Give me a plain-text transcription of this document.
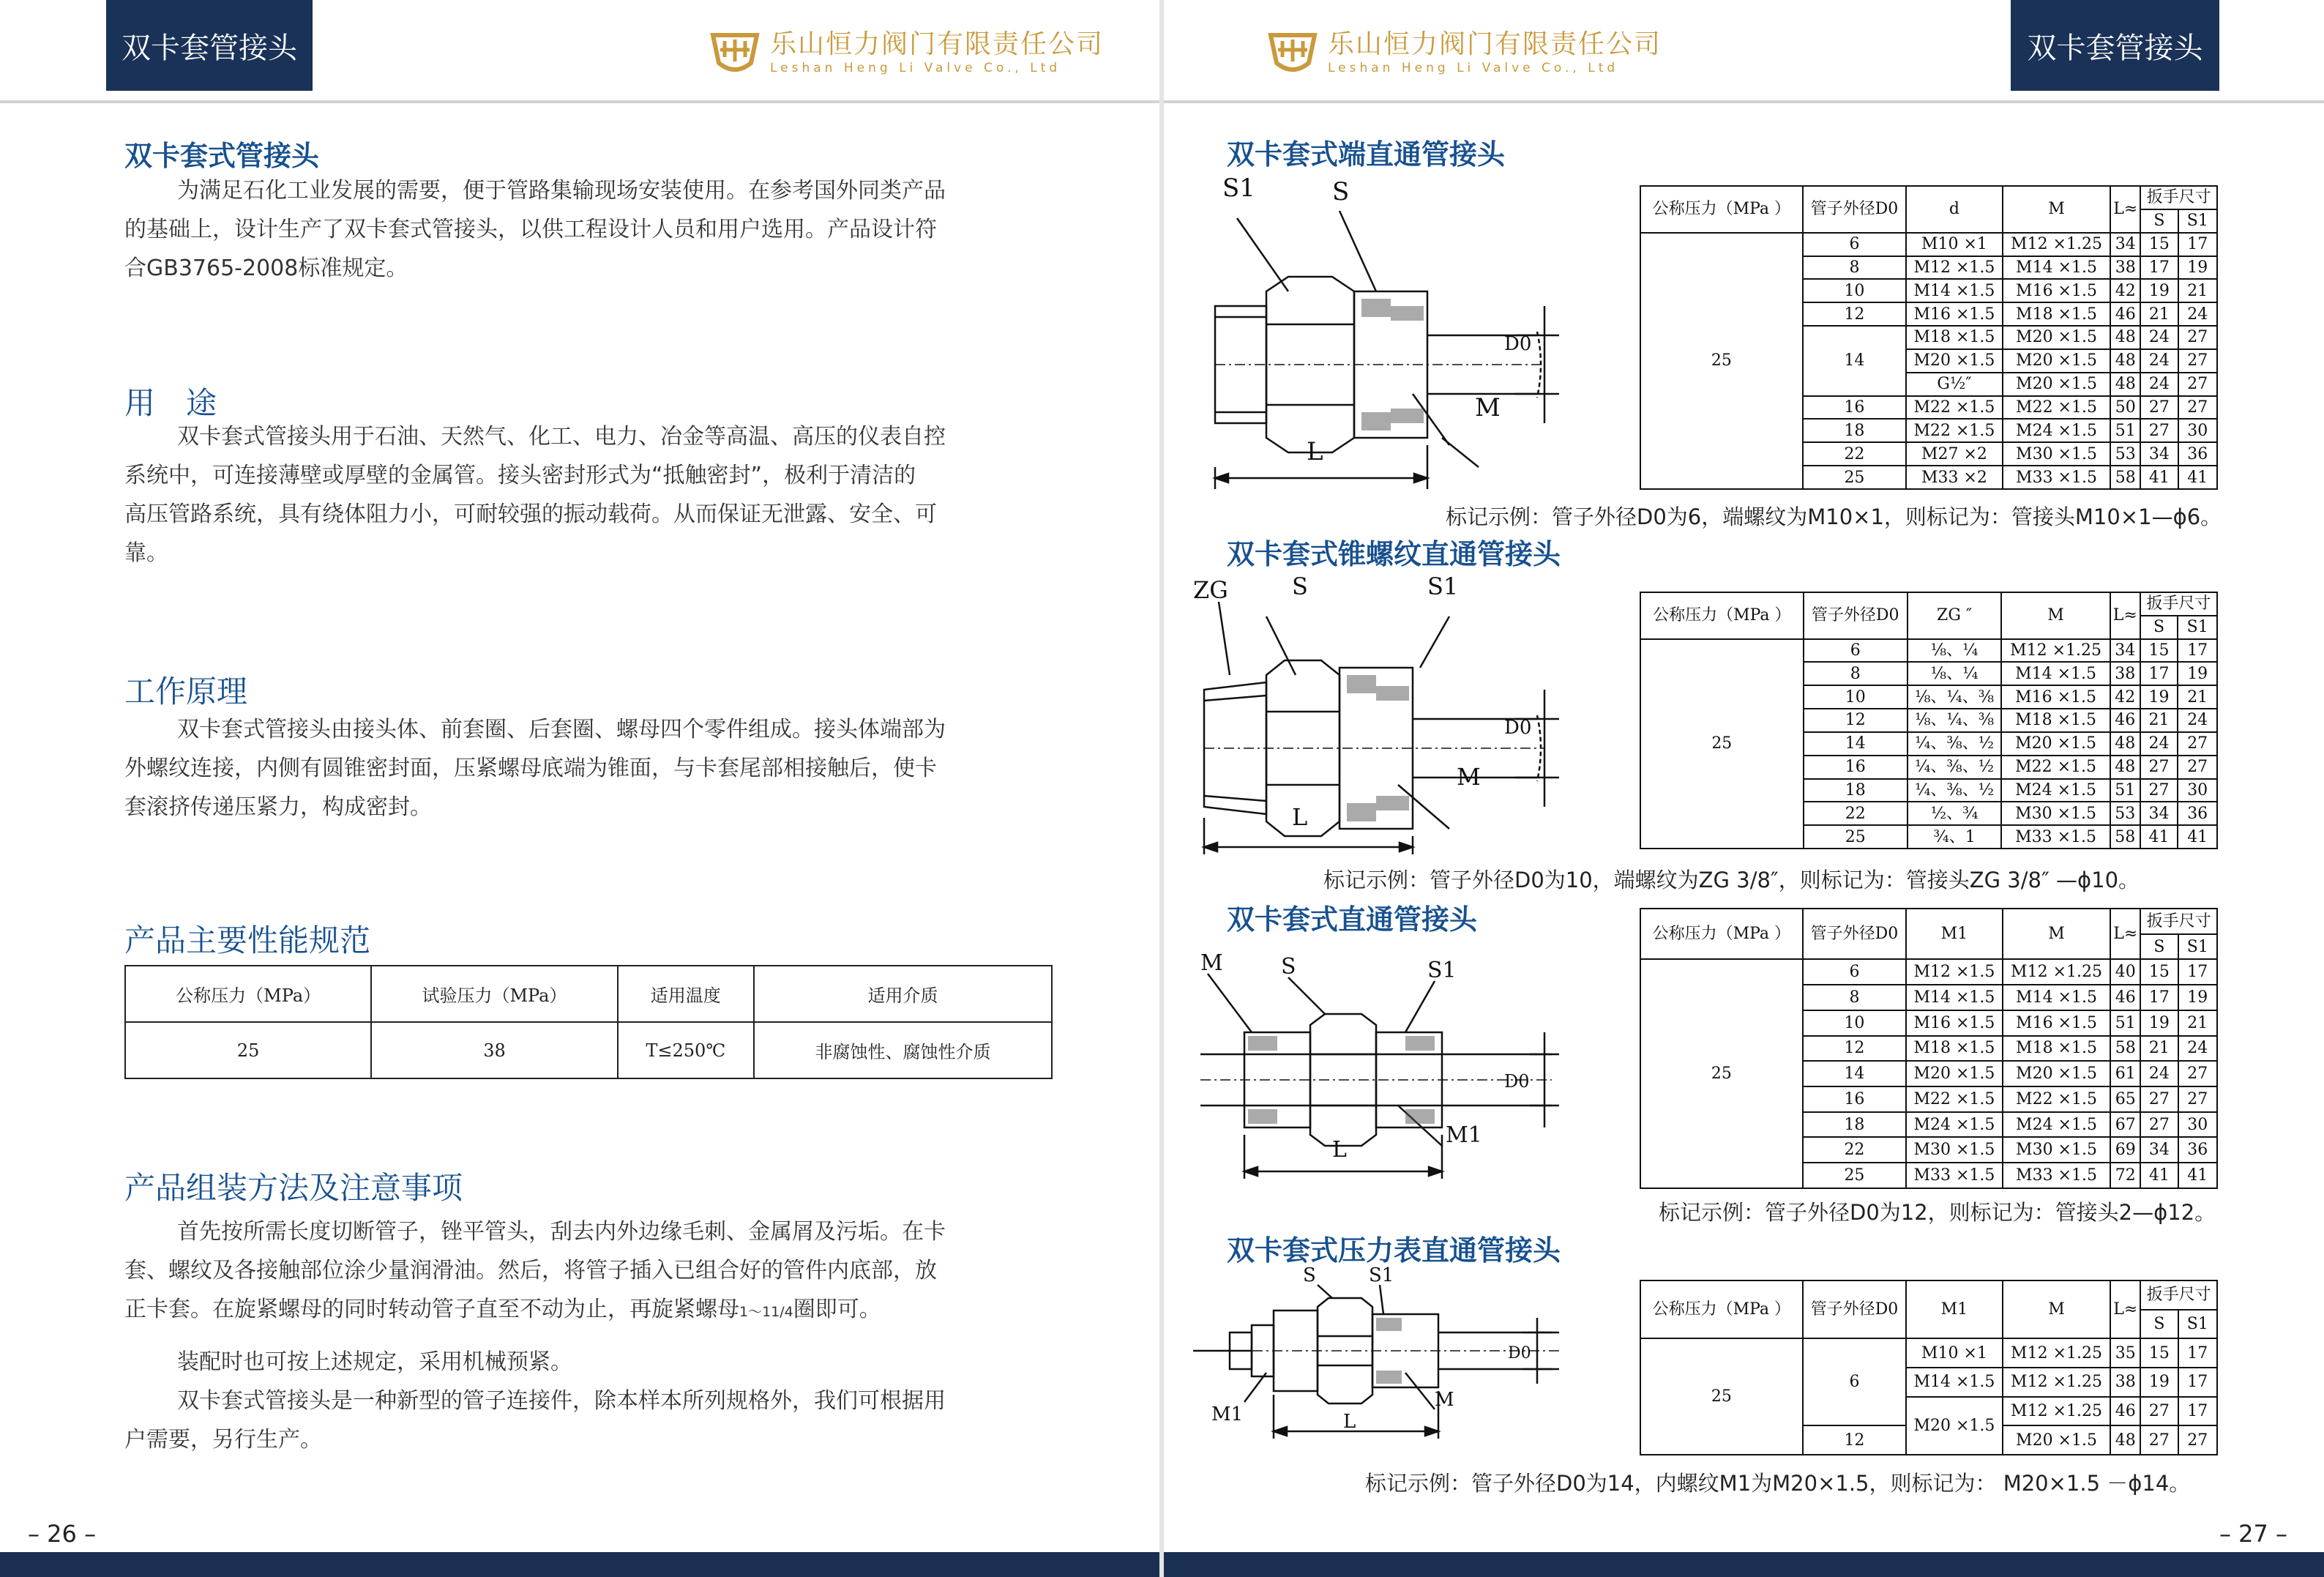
双卡套管接头	乐山恒力阀门有限责任公司
Leshan Heng Li Valve Co., Ltd
双卡套式管接头
为满足石化工业发展的需要，便于管路集输现场安装使用。在参考国外同类产品
的基础上，设计生产了双卡套式管接头，以供工程设计人员和用户选用。产品设计符
合GB3765-2008标准规定。
用　途
双卡套式管接头用于石油、天然气、化工、电力、冶金等高温、高压的仪表自控
系统中，可连接薄壁或厚壁的金属管。接头密封形式为“抵触密封”，极利于清洁的
高压管路系统，具有绕体阻力小，可耐较强的振动载荷。从而保证无泄露、安全、可
靠。
工作原理
双卡套式管接头由接头体、前套圈、后套圈、螺母四个零件组成。接头体端部为
外螺纹连接，内侧有圆锥密封面，压紧螺母底端为锥面，与卡套尾部相接触后，使卡
套滚挤传递压紧力，构成密封。
产品主要性能规范
公称压力（MPa）	试验压力（MPa）	适用温度	适用介质
25	38	T≤250℃	非腐蚀性、腐蚀性介质
产品组装方法及注意事项
首先按所需长度切断管子，锉平管头，刮去内外边缘毛刺、金属屑及污垢。在卡
套、螺纹及各接触部位涂少量润滑油。然后，将管子插入已组合好的管件内底部，放
正卡套。在旋紧螺母的同时转动管子直至不动为止，再旋紧螺母1～11/4圈即可。
装配时也可按上述规定，采用机械预紧。
双卡套式管接头是一种新型的管子连接件，除本样本所列规格外，我们可根据用
户需要，另行生产。
– 26 –
乐山恒力阀门有限责任公司
Leshan Heng Li Valve Co., Ltd
双卡套管接头
双卡套式端直通管接头
S1	S
D0
M
L
公称压力（MPa ）	管子外径D0	d	M	L≈	扳手尺寸	
					S	S1
25	6	M10 ×1	M12 ×1.25	34	15	17
	8	M12 ×1.5	M14 ×1.5	38	17	19
	10	M14 ×1.5	M16 ×1.5	42	19	21
	12	M16 ×1.5	M18 ×1.5	46	21	24
	14	M18 ×1.5	M20 ×1.5	48	24	27
		M20 ×1.5	M20 ×1.5	48	24	27
		G½″	M20 ×1.5	48	24	27
	16	M22 ×1.5	M22 ×1.5	50	27	27
	18	M22 ×1.5	M24 ×1.5	51	27	30
	22	M27 ×2	M30 ×1.5	53	34	36
	25	M33 ×2	M33 ×1.5	58	41	41
标记示例：管子外径D0为6，端螺纹为M10×1，则标记为：管接头M10×1—ϕ6。
双卡套式锥螺纹直通管接头
ZG	S	S1
D0
M
L
公称压力（MPa ）	管子外径D0	ZG ″	M	L≈	扳手尺寸	
					S	S1
25	6	⅛、¼	M12 ×1.25	34	15	17
	8	⅛、¼	M14 ×1.5	38	17	19
	10	⅛、¼、⅜	M16 ×1.5	42	19	21
	12	⅛、¼、⅜	M18 ×1.5	46	21	24
	14	¼、⅜、½	M20 ×1.5	48	24	27
	16	¼、⅜、½	M22 ×1.5	48	27	27
	18	¼、⅜、½	M24 ×1.5	51	27	30
	22	½、¾	M30 ×1.5	53	34	36
	25	¾、1	M33 ×1.5	58	41	41
标记示例：管子外径D0为10，端螺纹为ZG 3/8″，则标记为：管接头ZG 3/8″ —ϕ10。
双卡套式直通管接头
M	S	S1
D0
M1
L
公称压力（MPa ）	管子外径D0	M1	M	L≈	扳手尺寸	
					S	S1
25	6	M12 ×1.5	M12 ×1.25	40	15	17
	8	M14 ×1.5	M14 ×1.5	46	17	19
	10	M16 ×1.5	M16 ×1.5	51	19	21
	12	M18 ×1.5	M18 ×1.5	58	21	24
	14	M20 ×1.5	M20 ×1.5	61	24	27
	16	M22 ×1.5	M22 ×1.5	65	27	27
	18	M24 ×1.5	M24 ×1.5	67	27	30
	22	M30 ×1.5	M30 ×1.5	69	34	36
	25	M33 ×1.5	M33 ×1.5	72	41	41
标记示例：管子外径D0为12，则标记为：管接头2—ϕ12。
双卡套式压力表直通管接头
S	S1
D0
M1
M
L
公称压力（MPa ）	管子外径D0	M1	M	L≈	扳手尺寸	
					S	S1
25	6	M10 ×1	M12 ×1.25	35	15	17
		M14 ×1.5	M12 ×1.25	38	19	17
		M20 ×1.5	M12 ×1.25	46	27	17
	12		M20 ×1.5	48	27	27
标记示例：管子外径D0为14，内螺纹M1为M20×1.5，则标记为： M20×1.5 －ϕ14。
– 27 –
